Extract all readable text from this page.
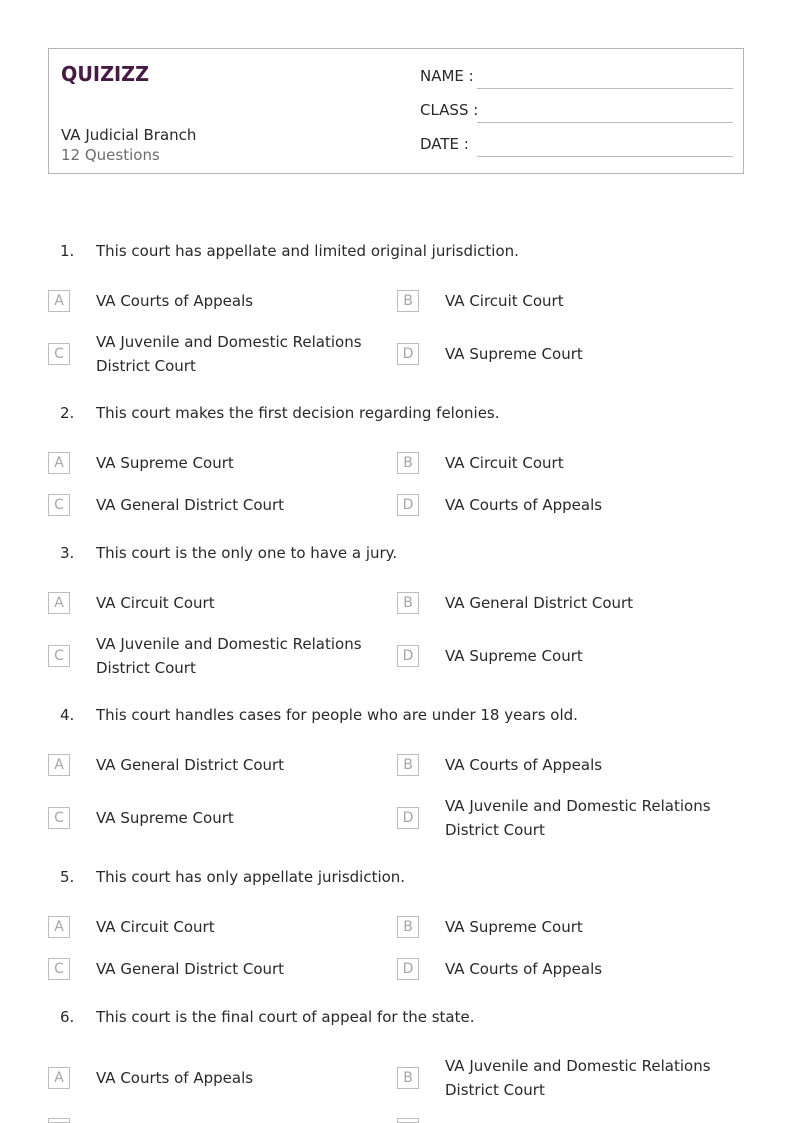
QUIZIZZ
VA Judicial Branch
12 Questions
NAME :
CLASS :
DATE :
1. This court has appellate and limited original jurisdiction.
A	VA Courts of Appeals	B	VA Circuit Court
C
VA Juvenile and Domestic Relations District Court
D	VA Supreme Court
2. This court makes the first decision regarding felonies.
A	VA Supreme Court	B	VA Circuit Court
C	VA General District Court	D	VA Courts of Appeals
3. This court is the only one to have a jury.
A	VA Circuit Court	B	VA General District Court
C
VA Juvenile and Domestic Relations District Court
D	VA Supreme Court
4. This court handles cases for people who are under 18 years old.
A	VA General District Court	B	VA Courts of Appeals
C	VA Supreme Court	D
VA Juvenile and Domestic Relations District Court
5. This court has only appellate jurisdiction.
A	VA Circuit Court	B	VA Supreme Court
C	VA General District Court	D	VA Courts of Appeals
6. This court is the final court of appeal for the state.
A	VA Courts of Appeals	B
VA Juvenile and Domestic Relations District Court
